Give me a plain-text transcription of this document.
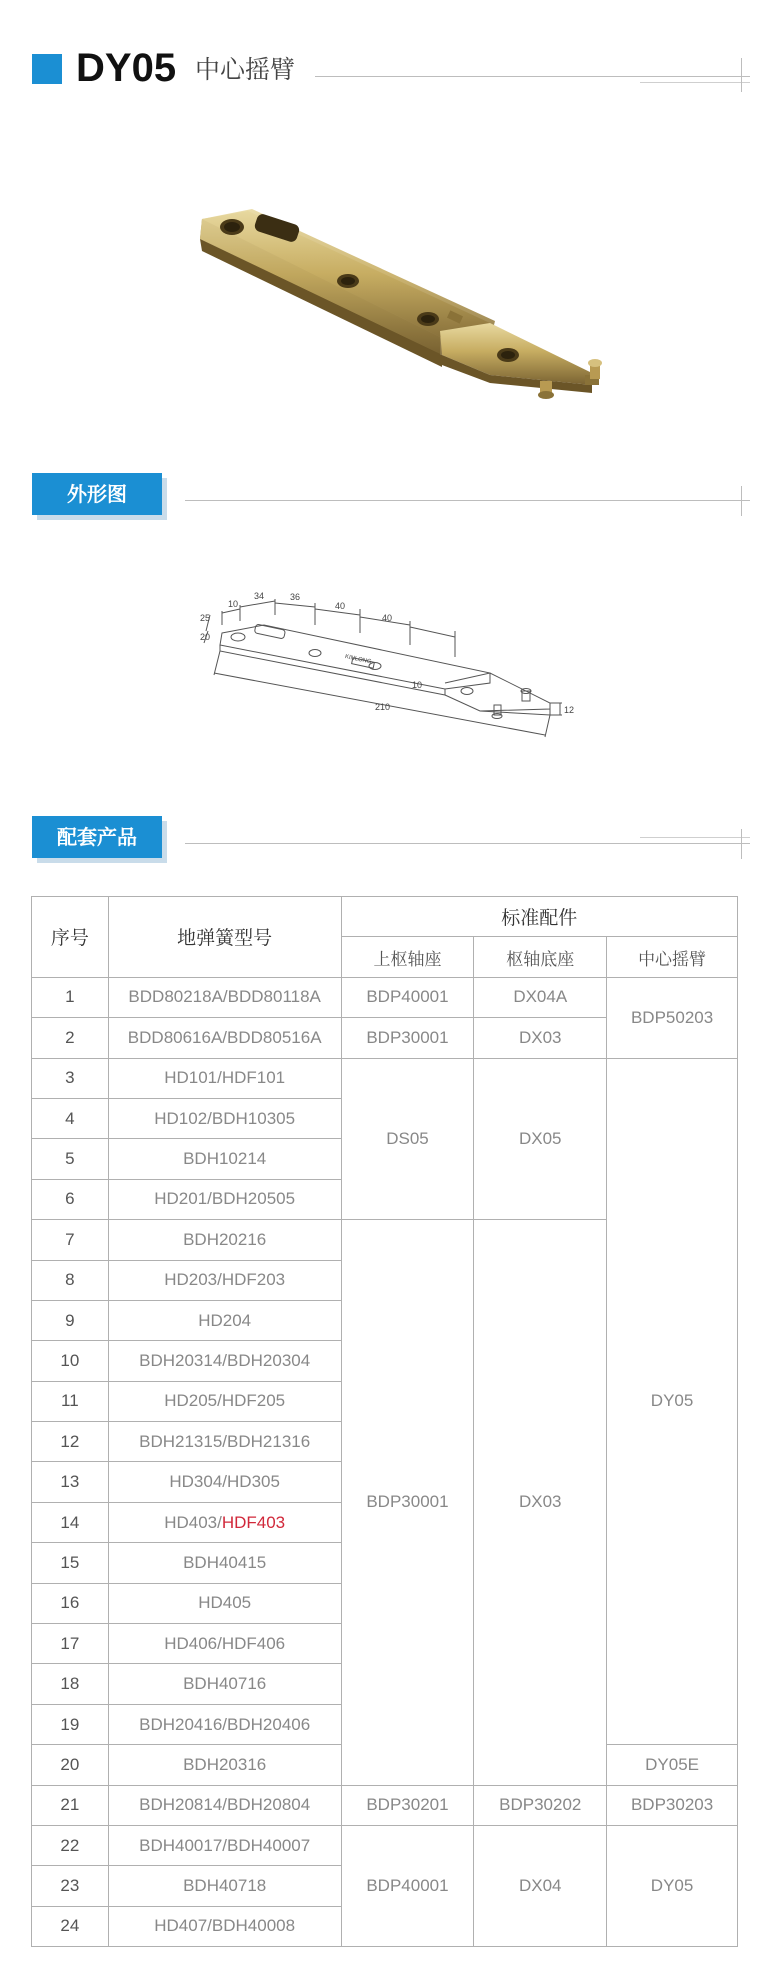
DY05 中心摇臂
外形图
10
34	36
40
40
25
20
210
10
12
KINLONG
配套产品
序号	地弹簧型号	标准配件		
		上枢轴座	枢轴底座	中心摇臂
1	BDD80218A/BDD80118A	BDP40001	DX04A	BDP50203
2	BDD80616A/BDD80516A	BDP30001	DX03	
3	HD101/HDF101	DS05	DX05	DY05
4	HD102/BDH10305			
5	BDH10214			
6	HD201/BDH20505			
7	BDH20216	BDP30001	DX03	
8	HD203/HDF203			
9	HD204			
10	BDH20314/BDH20304			
11	HD205/HDF205			
12	BDH21315/BDH21316			
13	HD304/HD305			
14	HD403/HDF403			
15	BDH40415			
16	HD405			
17	HD406/HDF406			
18	BDH40716			
19	BDH20416/BDH20406			
20	BDH20316			DY05E
21	BDH20814/BDH20804	BDP30201	BDP30202	BDP30203
22	BDH40017/BDH40007	BDP40001	DX04	DY05
23	BDH40718			
24	HD407/BDH40008			
